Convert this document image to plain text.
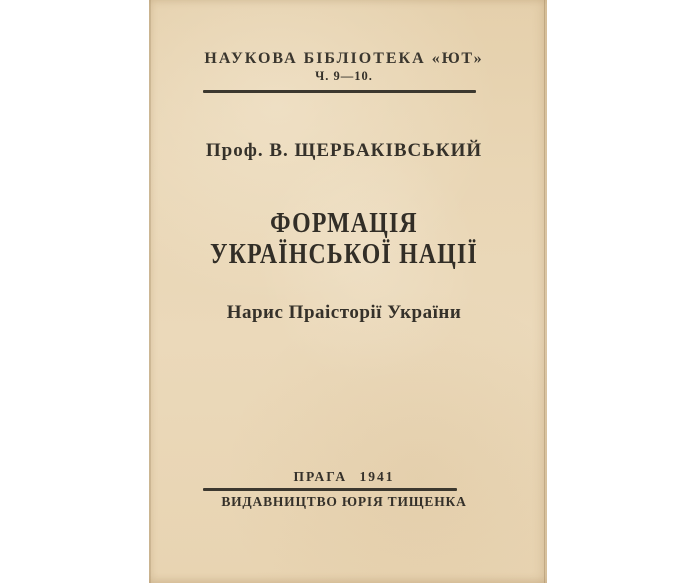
НАУКОВА БІБЛІОТЕКА «ЮТ»
Ч. 9—10.
Проф. В. ЩЕРБАКІВСЬКИЙ
ФОРМАЦІЯ
УКРАЇНСЬКОЇ НАЦІЇ
Нарис Праісторії України
ПРАГА 1941
ВИДАВНИЦТВО ЮРІЯ ТИЩЕНКА
